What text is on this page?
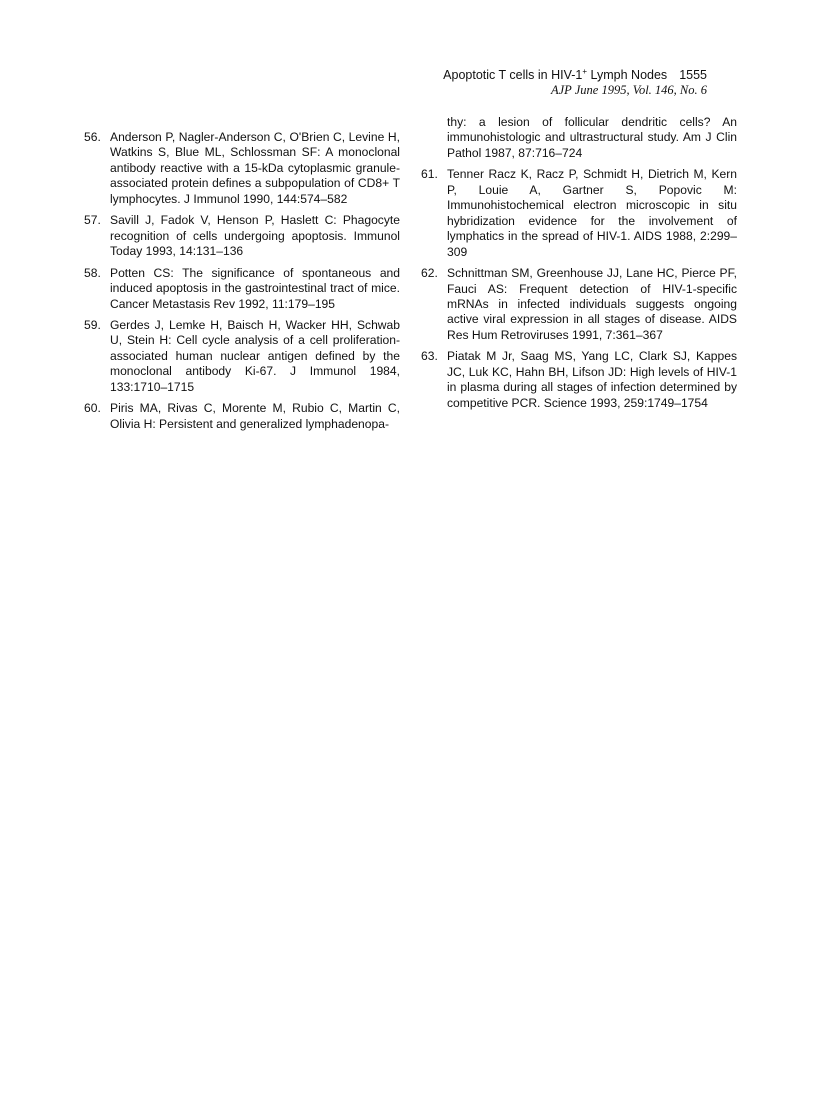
Apoptotic T cells in HIV-1+ Lymph Nodes 1555
AJP June 1995, Vol. 146, No. 6
56. Anderson P, Nagler-Anderson C, O'Brien C, Levine H, Watkins S, Blue ML, Schlossman SF: A monoclonal antibody reactive with a 15-kDa cytoplasmic granule-associated protein defines a subpopulation of CD8+ T lymphocytes. J Immunol 1990, 144:574–582
57. Savill J, Fadok V, Henson P, Haslett C: Phagocyte recognition of cells undergoing apoptosis. Immunol Today 1993, 14:131–136
58. Potten CS: The significance of spontaneous and induced apoptosis in the gastrointestinal tract of mice. Cancer Metastasis Rev 1992, 11:179–195
59. Gerdes J, Lemke H, Baisch H, Wacker HH, Schwab U, Stein H: Cell cycle analysis of a cell proliferation-associated human nuclear antigen defined by the monoclonal antibody Ki-67. J Immunol 1984, 133:1710–1715
60. Piris MA, Rivas C, Morente M, Rubio C, Martin C, Olivia H: Persistent and generalized lymphadenopa-
thy: a lesion of follicular dendritic cells? An immunohistologic and ultrastructural study. Am J Clin Pathol 1987, 87:716–724
61. Tenner Racz K, Racz P, Schmidt H, Dietrich M, Kern P, Louie A, Gartner S, Popovic M: Immunohistochemical electron microscopic in situ hybridization evidence for the involvement of lymphatics in the spread of HIV-1. AIDS 1988, 2:299–309
62. Schnittman SM, Greenhouse JJ, Lane HC, Pierce PF, Fauci AS: Frequent detection of HIV-1-specific mRNAs in infected individuals suggests ongoing active viral expression in all stages of disease. AIDS Res Hum Retroviruses 1991, 7:361–367
63. Piatak M Jr, Saag MS, Yang LC, Clark SJ, Kappes JC, Luk KC, Hahn BH, Lifson JD: High levels of HIV-1 in plasma during all stages of infection determined by competitive PCR. Science 1993, 259:1749–1754
